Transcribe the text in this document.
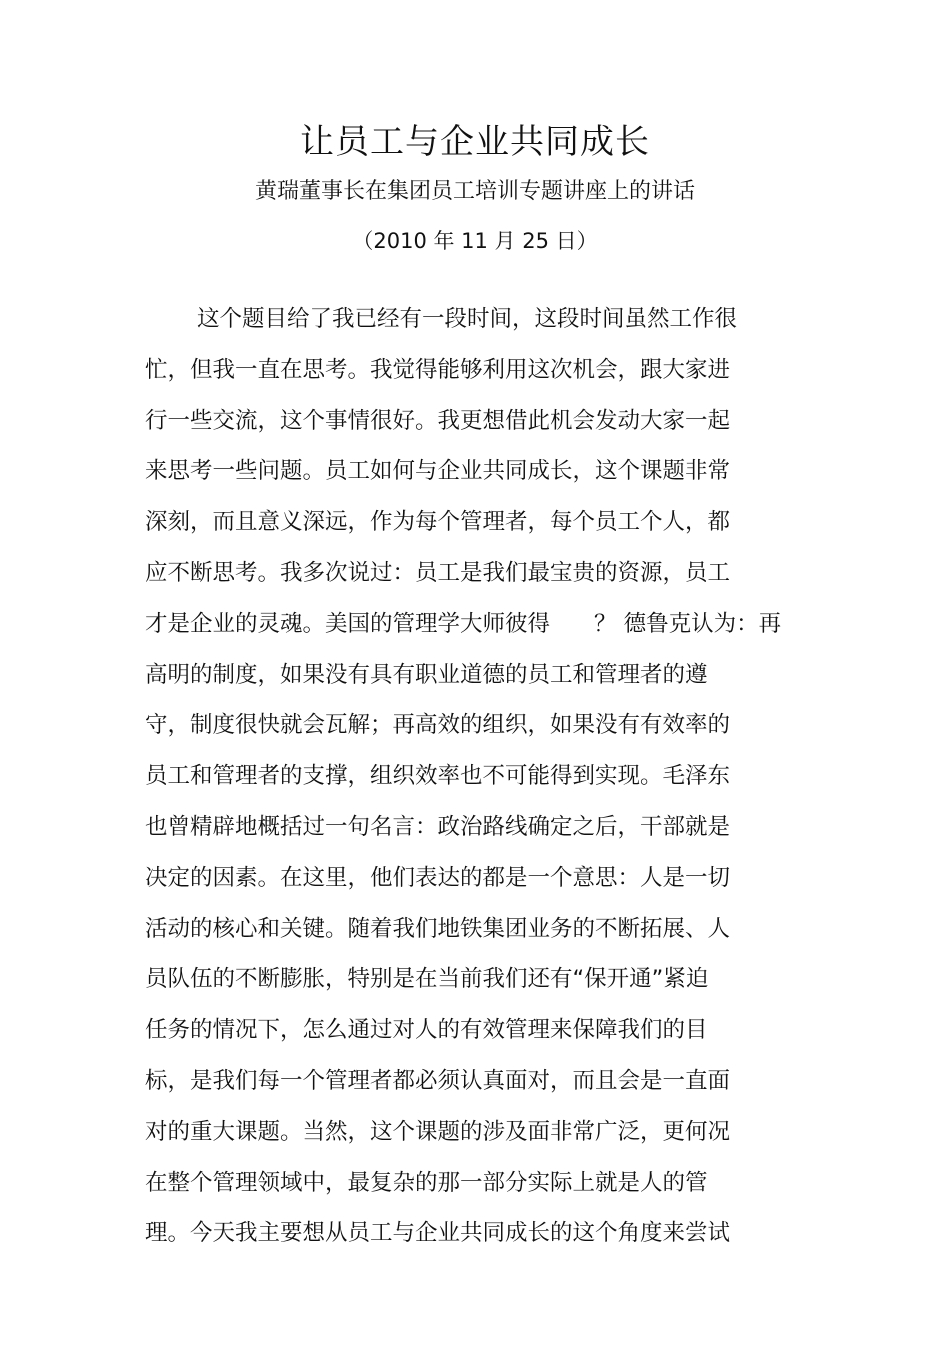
让员工与企业共同成长
黄瑞董事长在集团员工培训专题讲座上的讲话
（2010 年 11 月 25 日）
这个题目给了我已经有一段时间，这段时间虽然工作很
忙，但我一直在思考。我觉得能够利用这次机会，跟大家进
行一些交流，这个事情很好。我更想借此机会发动大家一起
来思考一些问题。员工如何与企业共同成长，这个课题非常
深刻，而且意义深远，作为每个管理者，每个员工个人，都
应不断思考。我多次说过：员工是我们最宝贵的资源，员工
才是企业的灵魂。美国的管理学大师彼得 ？ 德鲁克认为：再
高明的制度，如果没有具有职业道德的员工和管理者的遵
守，制度很快就会瓦解；再高效的组织，如果没有有效率的
员工和管理者的支撑，组织效率也不可能得到实现。毛泽东
也曾精辟地概括过一句名言：政治路线确定之后，干部就是
决定的因素。在这里，他们表达的都是一个意思：人是一切
活动的核心和关键。随着我们地铁集团业务的不断拓展、人
员队伍的不断膨胀，特别是在当前我们还有“保开通”紧迫
任务的情况下，怎么通过对人的有效管理来保障我们的目
标，是我们每一个管理者都必须认真面对，而且会是一直面
对的重大课题。当然，这个课题的涉及面非常广泛，更何况
在整个管理领域中，最复杂的那一部分实际上就是人的管
理。今天我主要想从员工与企业共同成长的这个角度来尝试
